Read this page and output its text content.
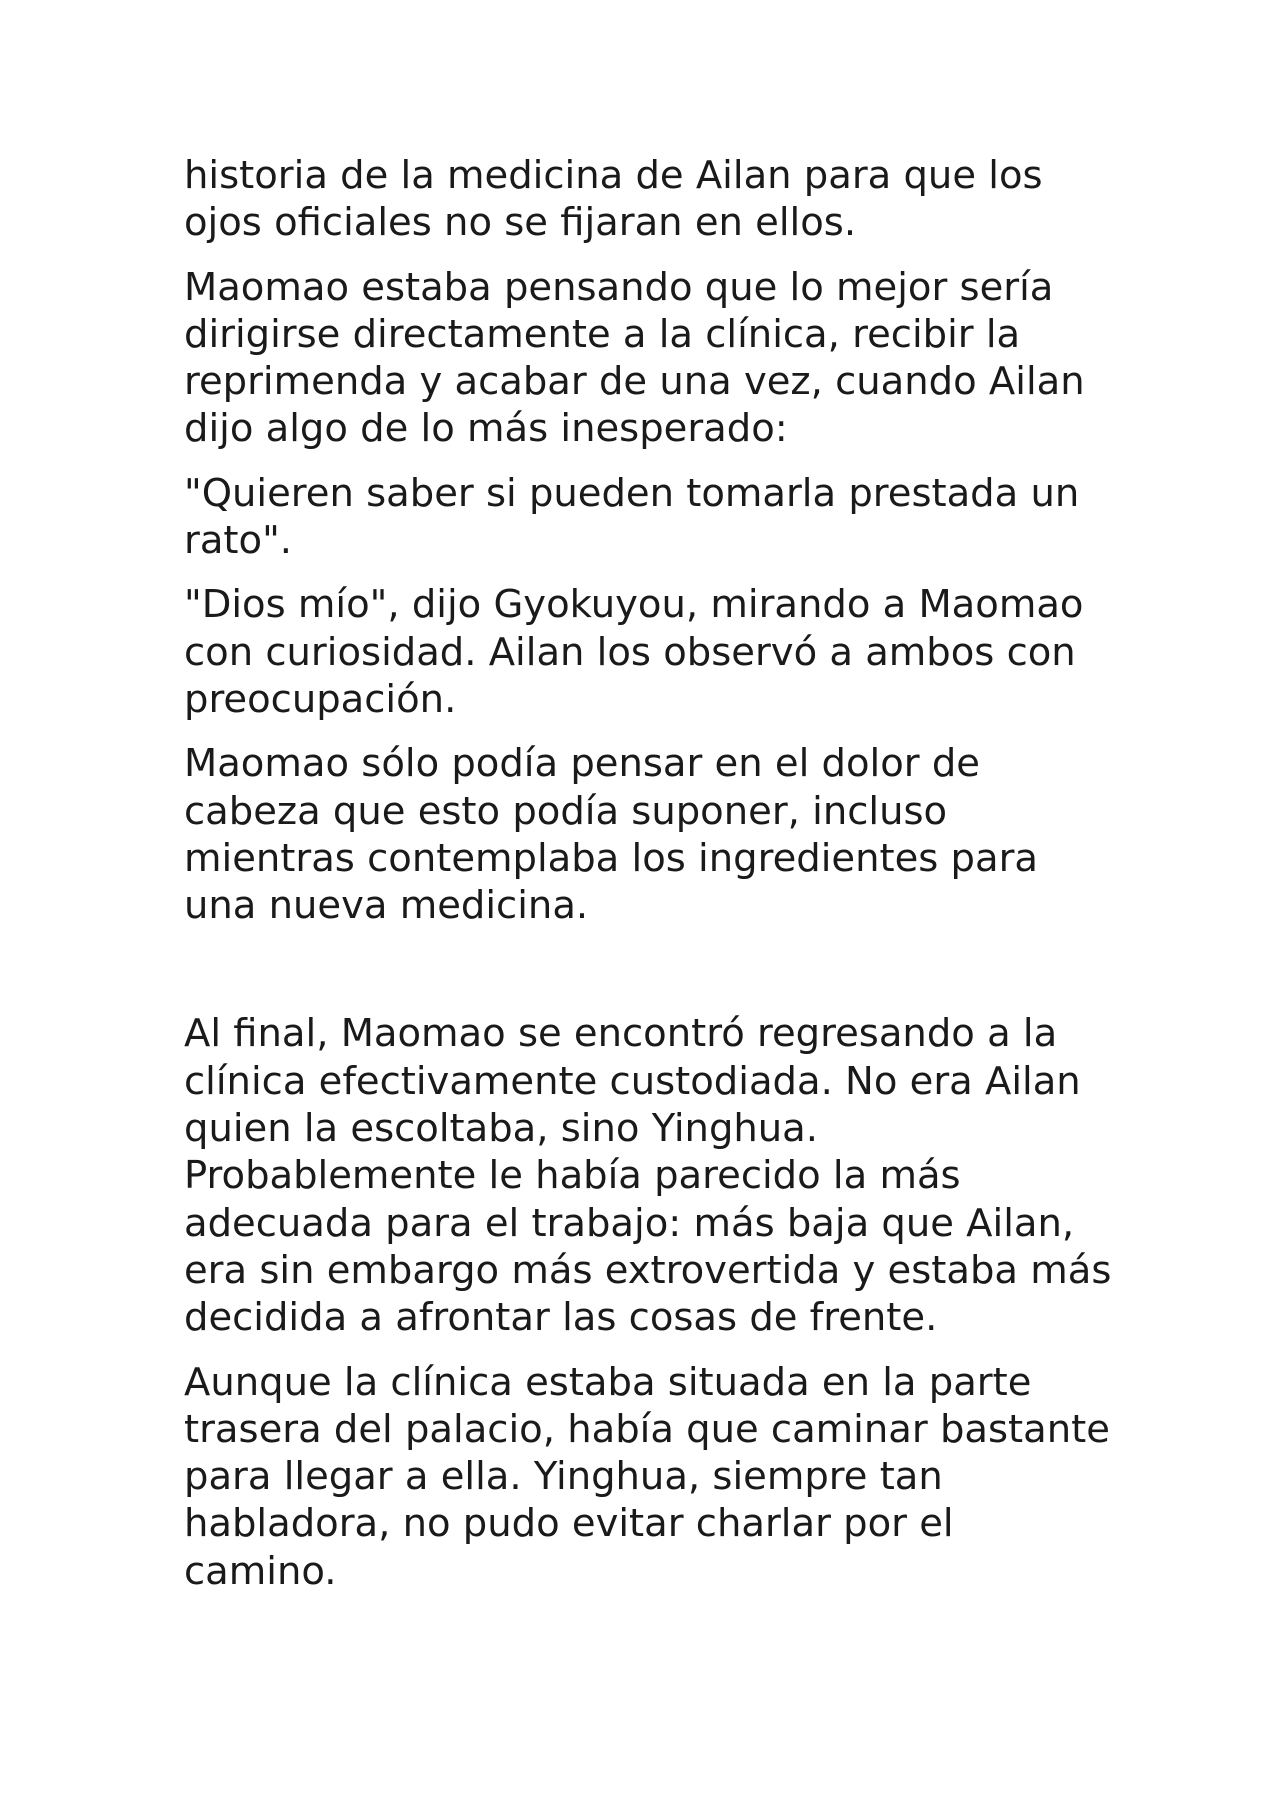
historia de la medicina de Ailan para que los ojos oficiales no se fijaran en ellos.

Maomao estaba pensando que lo mejor sería dirigirse directamente a la clínica, recibir la reprimenda y acabar de una vez, cuando Ailan dijo algo de lo más inesperado:

"Quieren saber si pueden tomarla prestada un rato".

"Dios mío", dijo Gyokuyou, mirando a Maomao con curiosidad. Ailan los observó a ambos con preocupación.

Maomao sólo podía pensar en el dolor de cabeza que esto podía suponer, incluso mientras contemplaba los ingredientes para una nueva medicina.

Al final, Maomao se encontró regresando a la clínica efectivamente custodiada. No era Ailan quien la escoltaba, sino Yinghua. Probablemente le había parecido la más adecuada para el trabajo: más baja que Ailan, era sin embargo más extrovertida y estaba más decidida a afrontar las cosas de frente.

Aunque la clínica estaba situada en la parte trasera del palacio, había que caminar bastante para llegar a ella. Yinghua, siempre tan habladora, no pudo evitar charlar por el camino.
